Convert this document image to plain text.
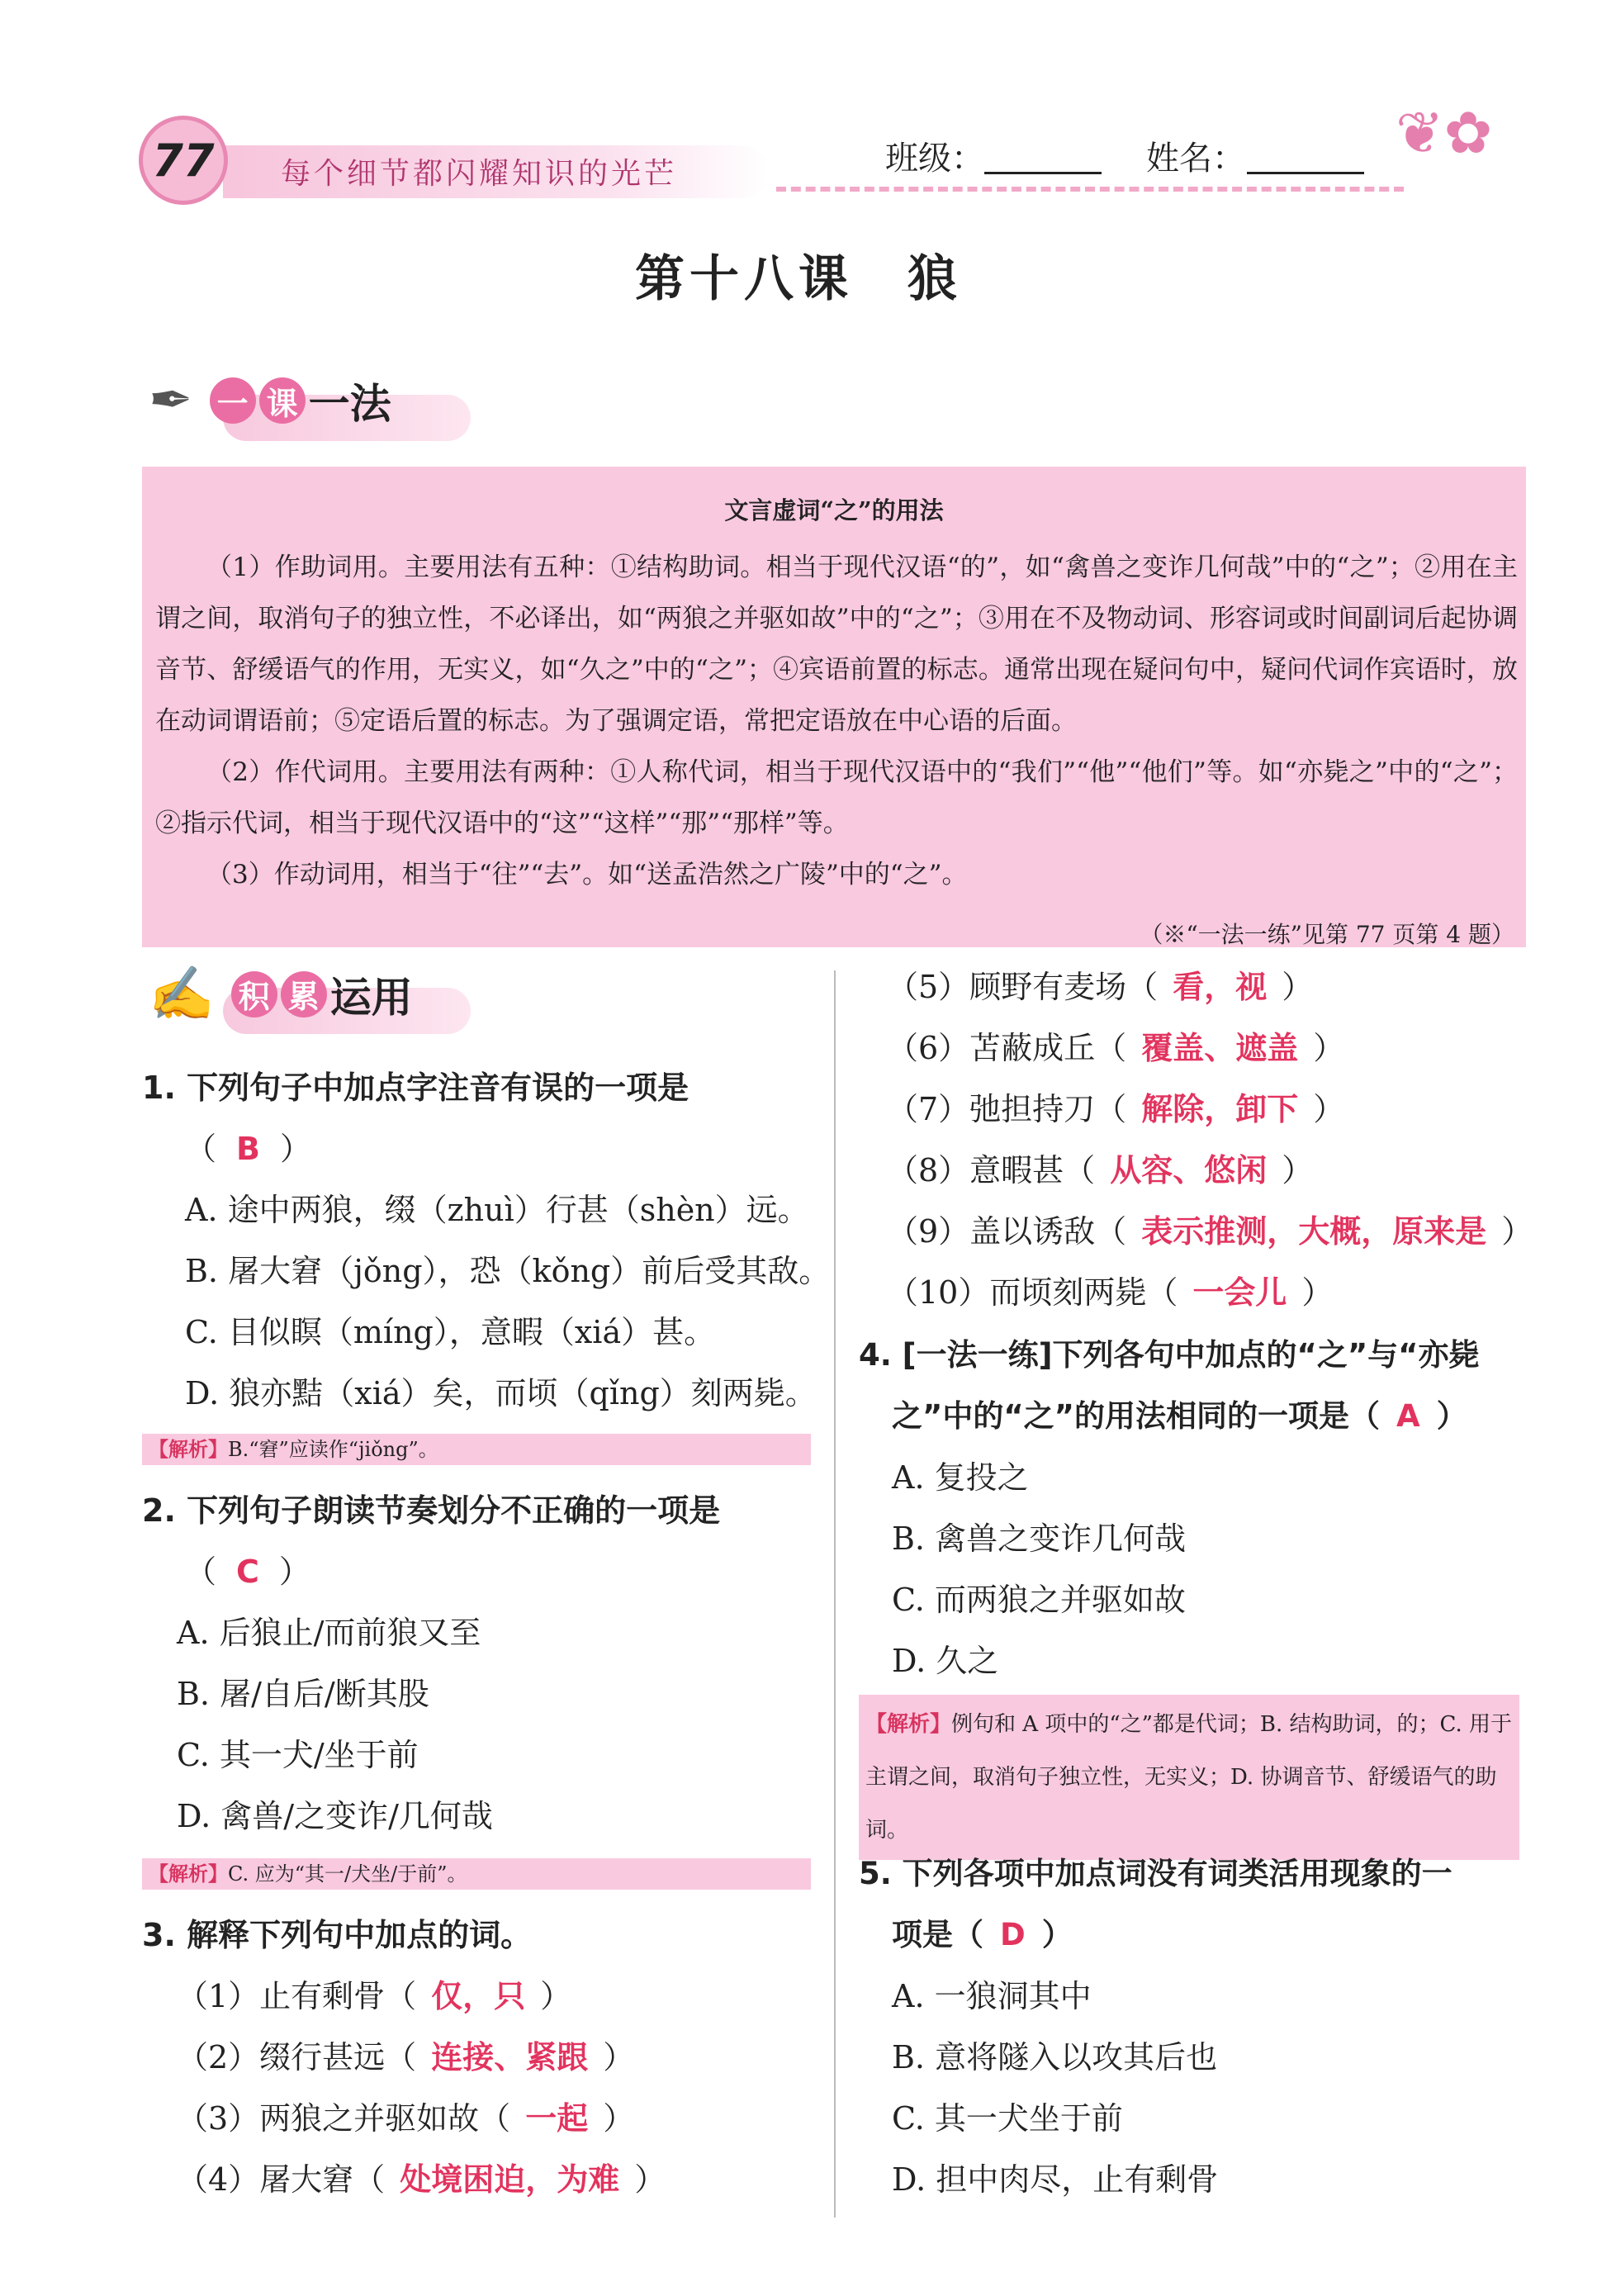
77	每个细节都闪耀知识的光芒	班级：	姓名：	❦✿
第十八课　狼
✒ 一 课 一法
文言虚词“之”的用法
（1）作助词用。主要用法有五种：①结构助词。相当于现代汉语“的”，如“禽兽之变诈几何哉”中的“之”；②用在主谓之间，取消句子的独立性，不必译出，如“两狼之并驱如故”中的“之”；③用在不及物动词、形容词或时间副词后起协调音节、舒缓语气的作用，无实义，如“久之”中的“之”；④宾语前置的标志。通常出现在疑问句中，疑问代词作宾语时，放在动词谓语前；⑤定语后置的标志。为了强调定语，常把定语放在中心语的后面。
（2）作代词用。主要用法有两种：①人称代词，相当于现代汉语中的“我们”“他”“他们”等。如“亦毙之”中的“之”；②指示代词，相当于现代汉语中的“这”“这样”“那”“那样”等。
（3）作动词用，相当于“往”“去”。如“送孟浩然之广陵”中的“之”。
（※“一法一练”见第 77 页第 4 题）
✍ 积 累 运用
1. 下列句子中加点字注音有误的一项是
（ B ）
A. 途中两狼，缀（zhuì）行甚（shèn）远。
B. 屠大窘（jǒng），恐（kǒng）前后受其敌。
C. 目似瞑（míng），意暇（xiá）甚。
D. 狼亦黠（xiá）矣，而顷（qǐng）刻两毙。
【解析】B.“窘”应读作“jiǒng”。
2. 下列句子朗读节奏划分不正确的一项是
（ C ）
A. 后狼止/而前狼又至
B. 屠/自后/断其股
C. 其一犬/坐于前
D. 禽兽/之变诈/几何哉
【解析】C. 应为“其一/犬坐/于前”。
3. 解释下列句中加点的词。
（1）止有剩骨（ 仅，只 ）
（2）缀行甚远（ 连接、紧跟 ）
（3）两狼之并驱如故（ 一起 ）
（4）屠大窘（ 处境困迫，为难 ）
（5）顾野有麦场（ 看，视 ）
（6）苫蔽成丘（ 覆盖、遮盖 ）
（7）弛担持刀（ 解除，卸下 ）
（8）意暇甚（ 从容、悠闲 ）
（9）盖以诱敌（ 表示推测，大概，原来是 ）
（10）而顷刻两毙（ 一会儿 ）
4. [一法一练]下列各句中加点的“之”与“亦毙
之”中的“之”的用法相同的一项是（ A ）
A. 复投之
B. 禽兽之变诈几何哉
C. 而两狼之并驱如故
D. 久之
【解析】例句和 A 项中的“之”都是代词；B. 结构助词，的；C. 用于主谓之间，取消句子独立性，无实义；D. 协调音节、舒缓语气的助词。
5. 下列各项中加点词没有词类活用现象的一
项是（ D ）
A. 一狼洞其中
B. 意将隧入以攻其后也
C. 其一犬坐于前
D. 担中肉尽，止有剩骨
